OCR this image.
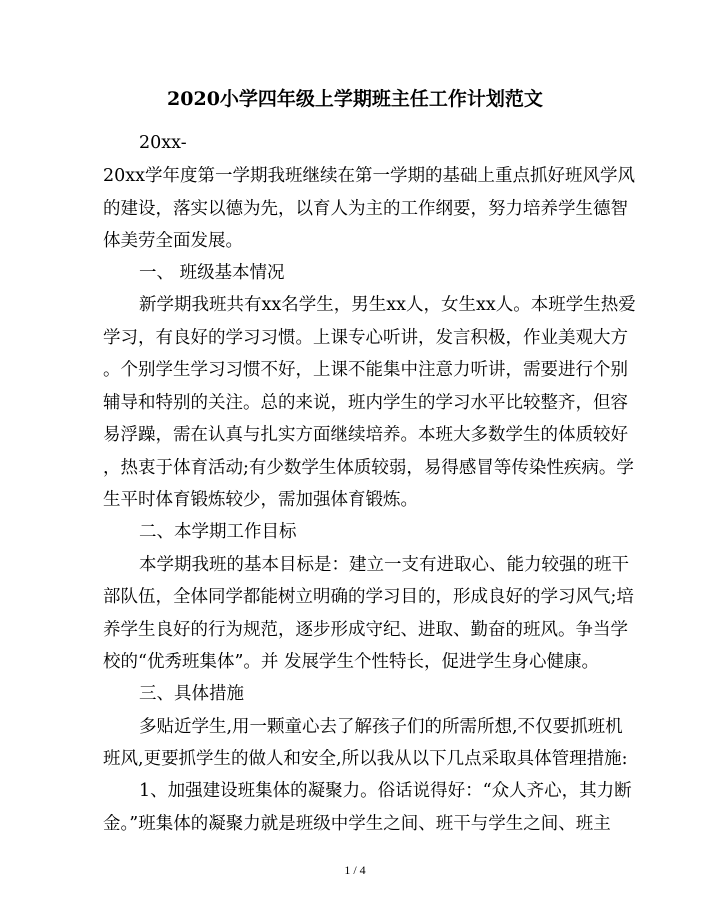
2020小学四年级上学期班主任工作计划范文
20xx-
20xx学年度第一学期我班继续在第一学期的基础上重点抓好班风学风
的建设，落实以德为先，以育人为主的工作纲要，努力培养学生德智
体美劳全面发展。
一、 班级基本情况
新学期我班共有xx名学生，男生xx人，女生xx人。本班学生热爱
学习，有良好的学习习惯。上课专心听讲，发言积极，作业美观大方
。个别学生学习习惯不好，上课不能集中注意力听讲，需要进行个别
辅导和特别的关注。总的来说，班内学生的学习水平比较整齐，但容
易浮躁，需在认真与扎实方面继续培养。本班大多数学生的体质较好
，热衷于体育活动;有少数学生体质较弱，易得感冒等传染性疾病。学
生平时体育锻炼较少，需加强体育锻炼。
二、本学期工作目标
本学期我班的基本目标是：建立一支有进取心、能力较强的班干
部队伍，全体同学都能树立明确的学习目的，形成良好的学习风气;培
养学生良好的行为规范，逐步形成守纪、进取、勤奋的班风。争当学
校的“优秀班集体”。并 发展学生个性特长，促进学生身心健康。
三、具体措施
多贴近学生,用一颗童心去了解孩子们的所需所想,不仅要抓班机
班风,更要抓学生的做人和安全,所以我从以下几点采取具体管理措施:
1、加强建设班集体的凝聚力。俗话说得好：“众人齐心，其力断
金。”班集体的凝聚力就是班级中学生之间、班干与学生之间、班主
1 / 4
